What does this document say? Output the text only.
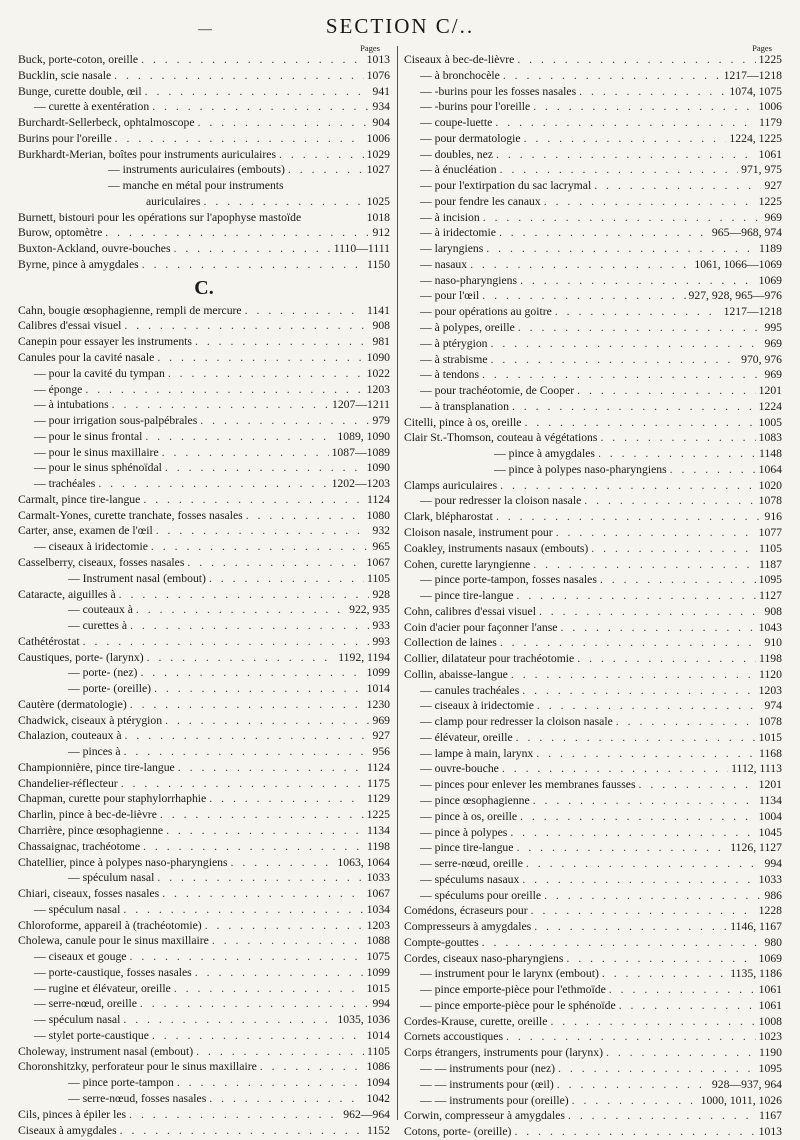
—	SECTION C/..
Pages
Buck, porte-coton, oreille . . .	1013
Bucklin, scie nasale . . .	1076
Bunge, curette double, œil . . .	941
— curette à exentération . . .	934
Burchardt-Sellerbeck, ophtalmoscope . . .	904
Burins pour l'oreille . . .	1006
Burkhardt-Merian, boîtes pour instruments auriculaires . . .	1029
— instruments auriculaires (embouts) . . .	1027
— manche en métal pour instruments
auriculaires . . .	1025
Burnett, bistouri pour les opérations sur l'apophyse mastoïde	1018
Burow, optomètre . . .	912
Buxton-Ackland, ouvre-bouches . . .	1110—1111
Byrne, pince à amygdales . . .	1150
C.
Cahn, bougie œsophagienne, rempli de mercure . . .	1141
Calibres d'essai visuel . . .	908
Canepin pour essayer les instruments . . .	981
Canules pour la cavité nasale . . .	1090
— pour la cavité du tympan . . .	1022
— éponge . . .	1203
— à intubations . . .	1207—1211
— pour irrigation sous-palpébrales . . .	979
— pour le sinus frontal . . .	1089, 1090
— pour le sinus maxillaire . . .	1087—1089
— pour le sinus sphénoïdal . . .	1090
— trachéales . . .	1202—1203
Carmalt, pince tire-langue . . .	1124
Carmalt-Yones, curette tranchate, fosses nasales . . .	1080
Carter, anse, examen de l'œil . . .	932
— ciseaux à iridectomie . . .	965
Casselberry, ciseaux, fosses nasales . . .	1067
— Instrument nasal (embout) . . .	1105
Cataracte, aiguilles à . . .	928
— couteaux à . . .	922, 935
— curettes à . . .	933
Cathétérostat . . .	993
Caustiques, porte- (larynx) . . .	1192, 1194
— porte- (nez) . . .	1099
— porte- (oreille) . . .	1014
Cautère (dermatologie) . . .	1230
Chadwick, ciseaux à ptérygion . . .	969
Chalazion, couteaux à . . .	927
— pinces à . . .	956
Championnière, pince tire-langue . . .	1124
Chandelier-réflecteur . . .	1175
Chapman, curette pour staphylorrhaphie . . .	1129
Charlin, pince à bec-de-lièvre . . .	1225
Charrière, pince œsophagienne . . .	1134
Chassaignac, trachéotome . . .	1198
Chatellier, pince à polypes naso-pharyngiens . . .	1063, 1064
— spéculum nasal . . .	1033
Chiari, ciseaux, fosses nasales . . .	1067
— spéculum nasal . . .	1034
Chloroforme, appareil à (trachéotomie) . . .	1203
Cholewa, canule pour le sinus maxillaire . . .	1088
— ciseaux et gouge . . .	1075
— porte-caustique, fosses nasales . . .	1099
— rugine et élévateur, oreille . . .	1015
— serre-nœud, oreille . . .	994
— spéculum nasal . . .	1035, 1036
— stylet porte-caustique . . .	1014
Choleway, instrument nasal (embout) . . .	1105
Choronshitzky, perforateur pour le sinus maxillaire . . .	1086
— pince porte-tampon . . .	1094
— serre-nœud, fosses nasales . . .	1042
Cils, pinces à épiler les . . .	962—964
Ciseaux à amygdales . . .	1152
Pages
Ciseaux à bec-de-lièvre . . .	1225
— à bronchocèle . . .	1217—1218
— -burins pour les fosses nasales . . .	1074, 1075
— -burins pour l'oreille . . .	1006
— coupe-luette . . .	1179
— pour dermatologie . . .	1224, 1225
— doubles, nez . . .	1061
— à énucléation . . .	971, 975
— pour l'extirpation du sac lacrymal . . .	927
— pour fendre les canaux . . .	1225
— à incision . . .	969
— à iridectomie . . .	965—968, 974
— laryngiens . . .	1189
— nasaux . . .	1061, 1066—1069
— naso-pharyngiens . . .	1069
— pour l'œil . . .	927, 928, 965—976
— pour opérations au goitre . . .	1217—1218
— à polypes, oreille . . .	995
— à ptérygion . . .	969
— à strabisme . . .	970, 976
— à tendons . . .	969
— pour trachéotomie, de Cooper . . .	1201
— à transplanation . . .	1224
Citelli, pince à os, oreille . . .	1005
Clair St.-Thomson, couteau à végétations . . .	1083
— pince à amygdales . . .	1148
— pince à polypes naso-pharyngiens . . .	1064
Clamps auriculaires . . .	1020
— pour redresser la cloison nasale . . .	1078
Clark, blépharostat . . .	916
Cloison nasale, instrument pour . . .	1077
Coakley, instruments nasaux (embouts) . . .	1105
Cohen, curette laryngienne . . .	1187
— pince porte-tampon, fosses nasales . . .	1095
— pince tire-langue . . .	1127
Cohn, calibres d'essai visuel . . .	908
Coin d'acier pour façonner l'anse . . .	1043
Collection de laines . . .	910
Collier, dilatateur pour trachéotomie . . .	1198
Collin, abaisse-langue . . .	1120
— canules trachéales . . .	1203
— ciseaux à iridectomie . . .	974
— clamp pour redresser la cloison nasale . . .	1078
— élévateur, oreille . . .	1015
— lampe à main, larynx . . .	1168
— ouvre-bouche . . .	1112, 1113
— pinces pour enlever les membranes fausses . . .	1201
— pince œsophagienne . . .	1134
— pince à os, oreille . . .	1004
— pince à polypes . . .	1045
— pince tire-langue . . .	1126, 1127
— serre-nœud, oreille . . .	994
— spéculums nasaux . . .	1033
— spéculums pour oreille . . .	986
Comédons, écraseurs pour . . .	1228
Compresseurs à amygdales . . .	1146, 1167
Compte-gouttes . . .	980
Cordes, ciseaux naso-pharyngiens . . .	1069
— instrument pour le larynx (embout) . . .	1135, 1186
— pince emporte-pièce pour l'ethmoïde . . .	1061
— pince emporte-pièce pour le sphénoïde . . .	1061
Cordes-Krause, curette, oreille . . .	1008
Cornets accoustiques . . .	1023
Corps étrangers, instruments pour (larynx) . . .	1190
— — instruments pour (nez) . . .	1095
— — instruments pour (œil) . . .	928—937, 964
— — instruments pour (oreille) . . .	1000, 1011, 1026
Corwin, compresseur à amygdales . . .	1167
Cotons, porte- (oreille) . . .	1013
